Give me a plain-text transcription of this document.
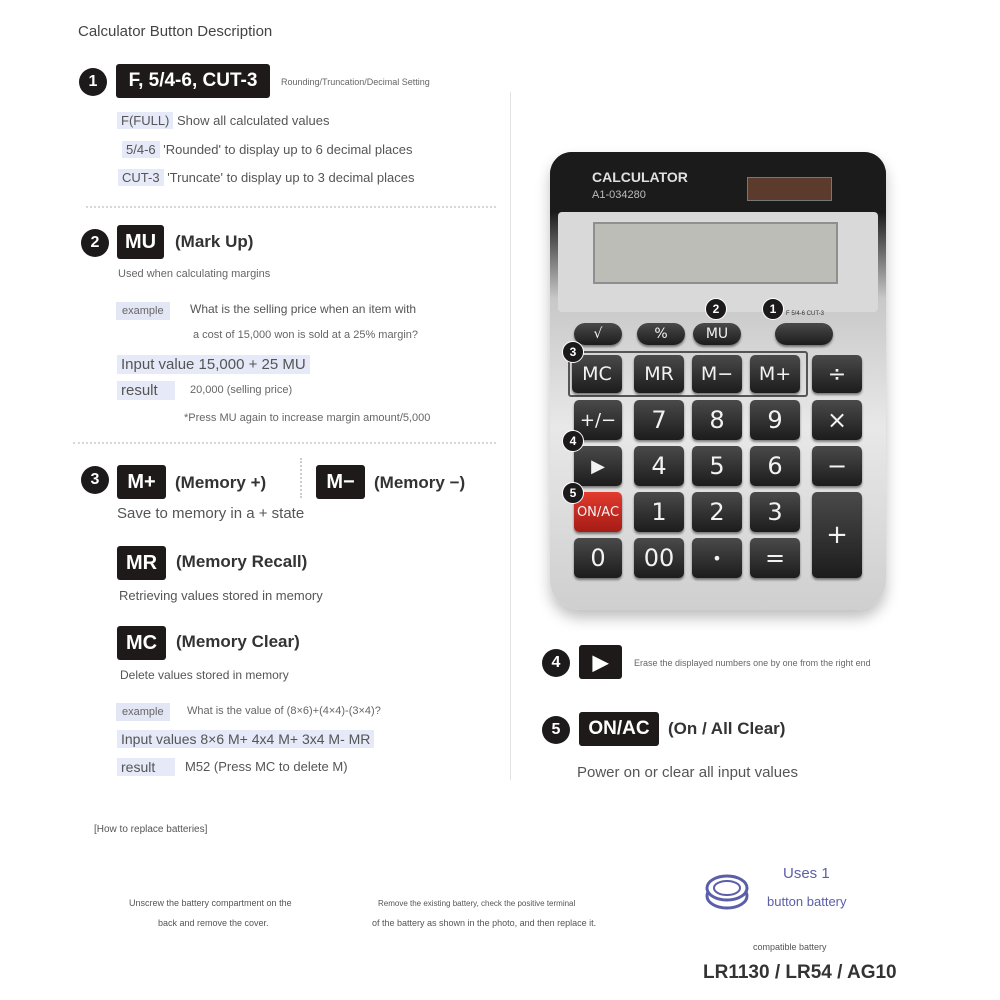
Calculator Button Description
1	F, 5/4-6, CUT-3	Rounding/Truncation/Decimal Setting
F(FULL) Show all calculated values
5/4-6 'Rounded' to display up to 6 decimal places
CUT-3 'Truncate' to display up to 3 decimal places
2	MU	(Mark Up)
Used when calculating margins
example	What is the selling price when an item with
a cost of 15,000 won is sold at a 25% margin?
Input value 15,000 + 25 MU
result	20,000 (selling price)
*Press MU again to increase margin amount/5,000
3	M+	(Memory +)	M−	(Memory −)
Save to memory in a + state
MR	(Memory Recall)
Retrieving values stored in memory
MC	(Memory Clear)
Delete values stored in memory
example	What is the value of (8×6)+(4×4)-(3×4)?
Input values 8×6 M+ 4x4 M+ 3x4 M- MR
result	M52 (Press MC to delete M)
CALCULATOR
A1-034280
√	%	MU
F 5/4-6 CUT-3
MC	MR	M−	M+	÷
+/−	7	8	9	×
▶	4	5	6	−
ON/AC	1	2	3
+
0	00	•	=
1
2
3
4
5
4	▶	Erase the displayed numbers one by one from the right end
5	ON/AC	(On / All Clear)
Power on or clear all input values
[How to replace batteries]
Unscrew the battery compartment on the
back and remove the cover.
Remove the existing battery, check the positive terminal
of the battery as shown in the photo, and then replace it.
Uses 1
button battery
compatible battery
LR1130 / LR54 / AG10
